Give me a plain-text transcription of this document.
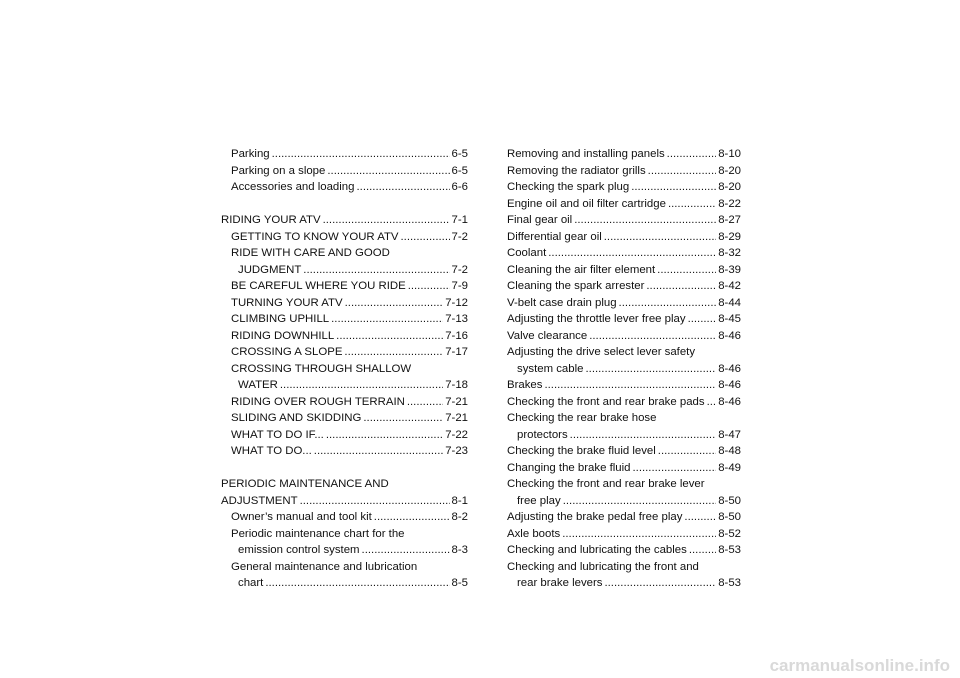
Parking .....	6-5
Parking on a slope .....	6-5
Accessories and loading .....	6-6
RIDING YOUR ATV .....	7-1
GETTING TO KNOW YOUR ATV .....	7-2
RIDE WITH CARE AND GOOD
JUDGMENT .....	7-2
BE CAREFUL WHERE YOU RIDE .....	7-9
TURNING YOUR ATV .....	7-12
CLIMBING UPHILL .....	7-13
RIDING DOWNHILL .....	7-16
CROSSING A SLOPE .....	7-17
CROSSING THROUGH SHALLOW
WATER .....	7-18
RIDING OVER ROUGH TERRAIN .....	7-21
SLIDING AND SKIDDING .....	7-21
WHAT TO DO IF... .....	7-22
WHAT TO DO... .....	7-23
PERIODIC MAINTENANCE AND
ADJUSTMENT .....	8-1
Owner’s manual and tool kit .....	8-2
Periodic maintenance chart for the
emission control system .....	8-3
General maintenance and lubrication
chart .....	8-5
Removing and installing panels .....	8-10
Removing the radiator grills .....	8-20
Checking the spark plug .....	8-20
Engine oil and oil filter cartridge .....	8-22
Final gear oil .....	8-27
Differential gear oil .....	8-29
Coolant .....	8-32
Cleaning the air filter element .....	8-39
Cleaning the spark arrester .....	8-42
V-belt case drain plug .....	8-44
Adjusting the throttle lever free play .....	8-45
Valve clearance .....	8-46
Adjusting the drive select lever safety
system cable .....	8-46
Brakes .....	8-46
Checking the front and rear brake pads ..... 8-46
Checking the rear brake hose
protectors .....	8-47
Checking the brake fluid level .....	8-48
Changing the brake fluid .....	8-49
Checking the front and rear brake lever
free play .....	8-50
Adjusting the brake pedal free play .....	8-50
Axle boots .....	8-52
Checking and lubricating the cables .....	8-53
Checking and lubricating the front and
rear brake levers .....	8-53
carmanualsonline.info
